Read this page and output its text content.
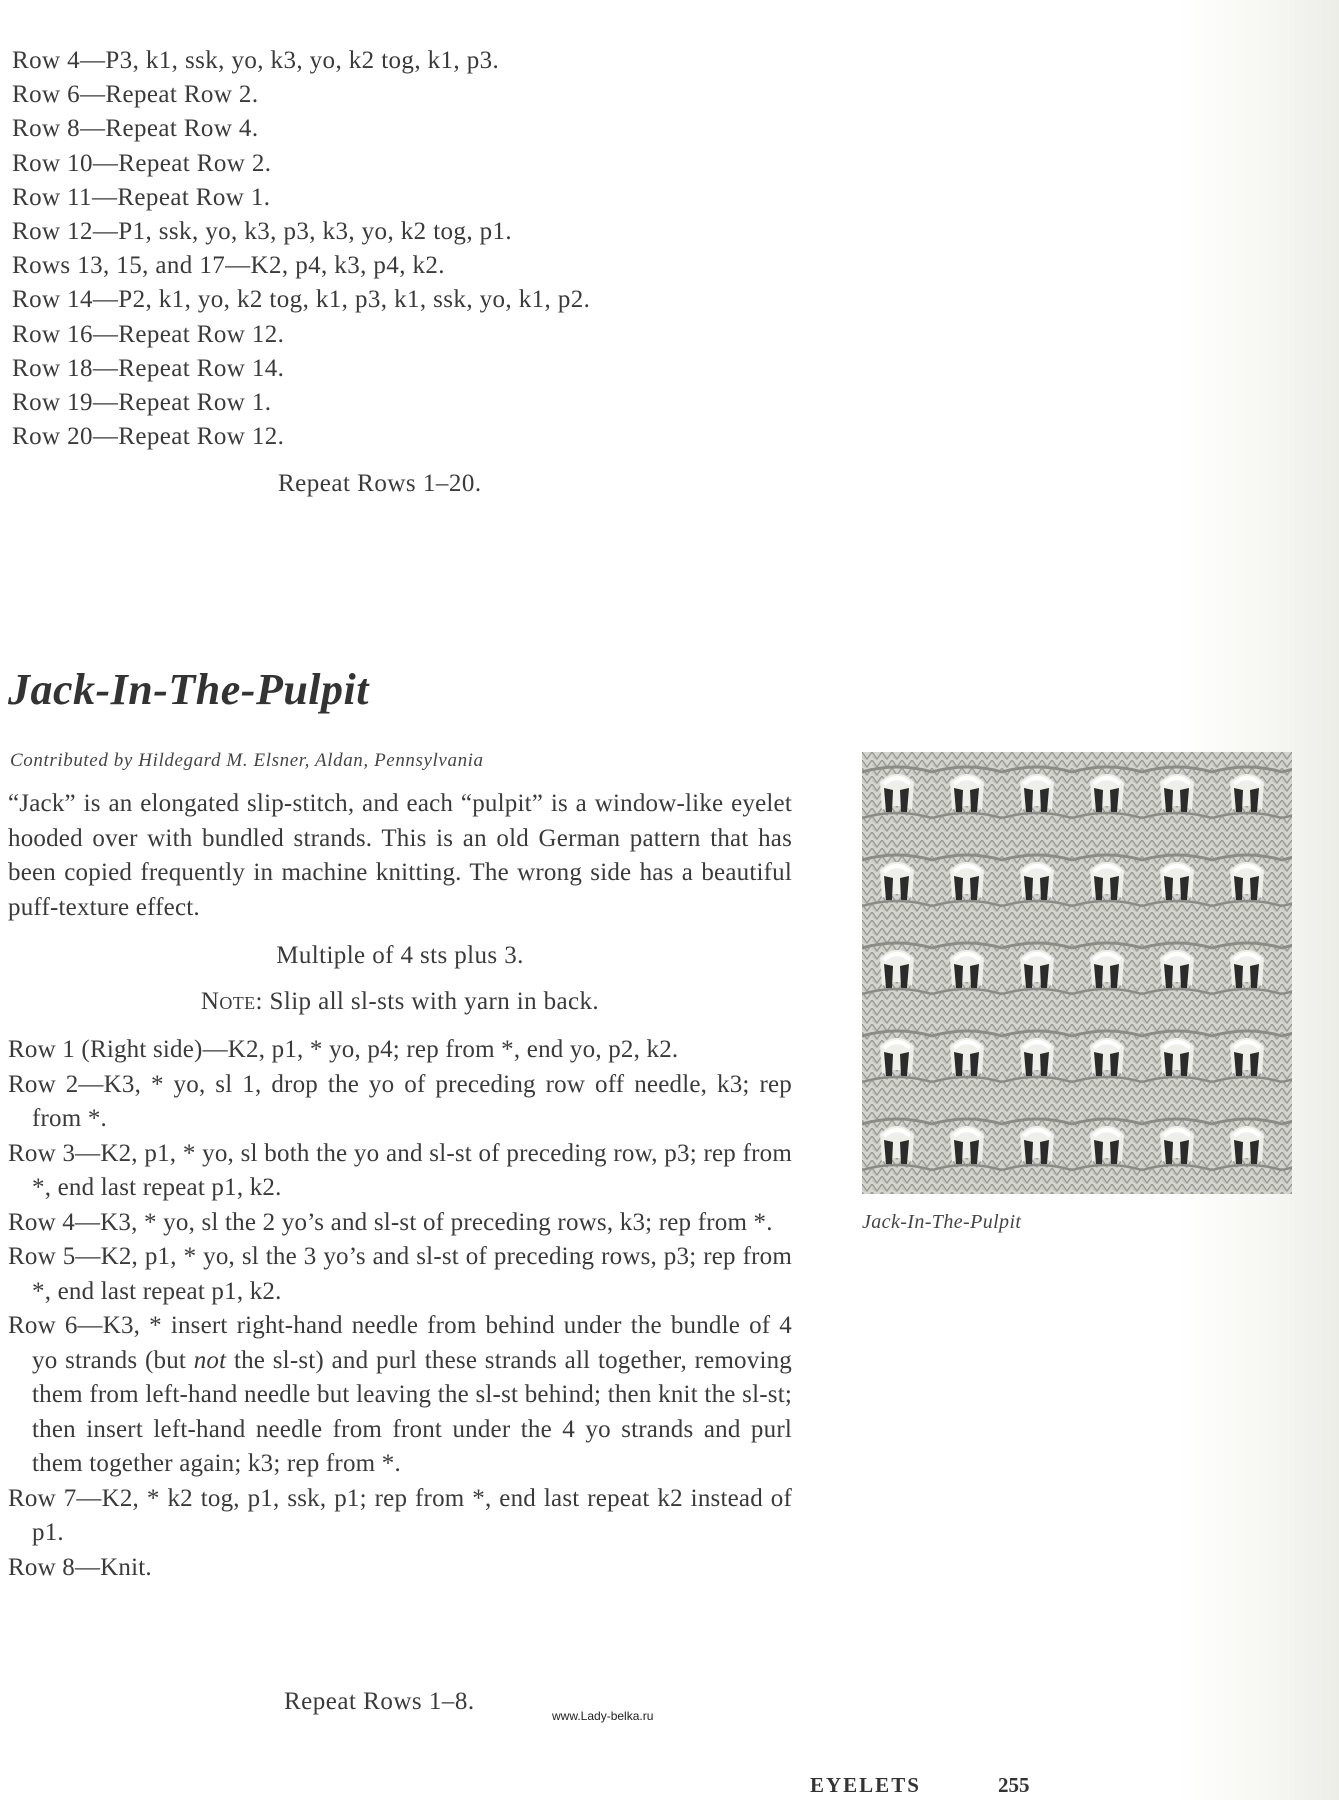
Row 4—P3, k1, ssk, yo, k3, yo, k2 tog, k1, p3.
Row 6—Repeat Row 2.
Row 8—Repeat Row 4.
Row 10—Repeat Row 2.
Row 11—Repeat Row 1.
Row 12—P1, ssk, yo, k3, p3, k3, yo, k2 tog, p1.
Rows 13, 15, and 17—K2, p4, k3, p4, k2.
Row 14—P2, k1, yo, k2 tog, k1, p3, k1, ssk, yo, k1, p2.
Row 16—Repeat Row 12.
Row 18—Repeat Row 14.
Row 19—Repeat Row 1.
Row 20—Repeat Row 12.
Repeat Rows 1–20.
Jack-In-The-Pulpit
Contributed by Hildegard M. Elsner, Aldan, Pennsylvania
“Jack” is an elongated slip-stitch, and each “pulpit” is a window-like eyelet hooded over with bundled strands. This is an old German pattern that has been copied frequently in machine knitting. The wrong side has a beautiful puff-texture effect.
Multiple of 4 sts plus 3.
Note: Slip all sl-sts with yarn in back.

Row 1 (Right side)—K2, p1, * yo, p4; rep from *, end yo, p2, k2.

Row 2—K3, * yo, sl 1, drop the yo of preceding row off needle, k3; rep from *.

Row 3—K2, p1, * yo, sl both the yo and sl-st of preceding row, p3; rep from *, end last repeat p1, k2.

Row 4—K3, * yo, sl the 2 yo’s and sl-st of preceding rows, k3; rep from *.

Row 5—K2, p1, * yo, sl the 3 yo’s and sl-st of preceding rows, p3; rep from *, end last repeat p1, k2.

Row 6—K3, * insert right-hand needle from behind under the bundle of 4 yo strands (but not the sl-st) and purl these strands all together, removing them from left-hand needle but leaving the sl-st behind; then knit the sl-st; then insert left-hand needle from front under the 4 yo strands and purl them together again; k3; rep from *.

Row 7—K2, * k2 tog, p1, ssk, p1; rep from *, end last repeat k2 instead of p1.

Row 8—Knit.

Repeat Rows 1–8.
Jack-In-The-Pulpit
www.Lady-belka.ru
EYELETS	255
